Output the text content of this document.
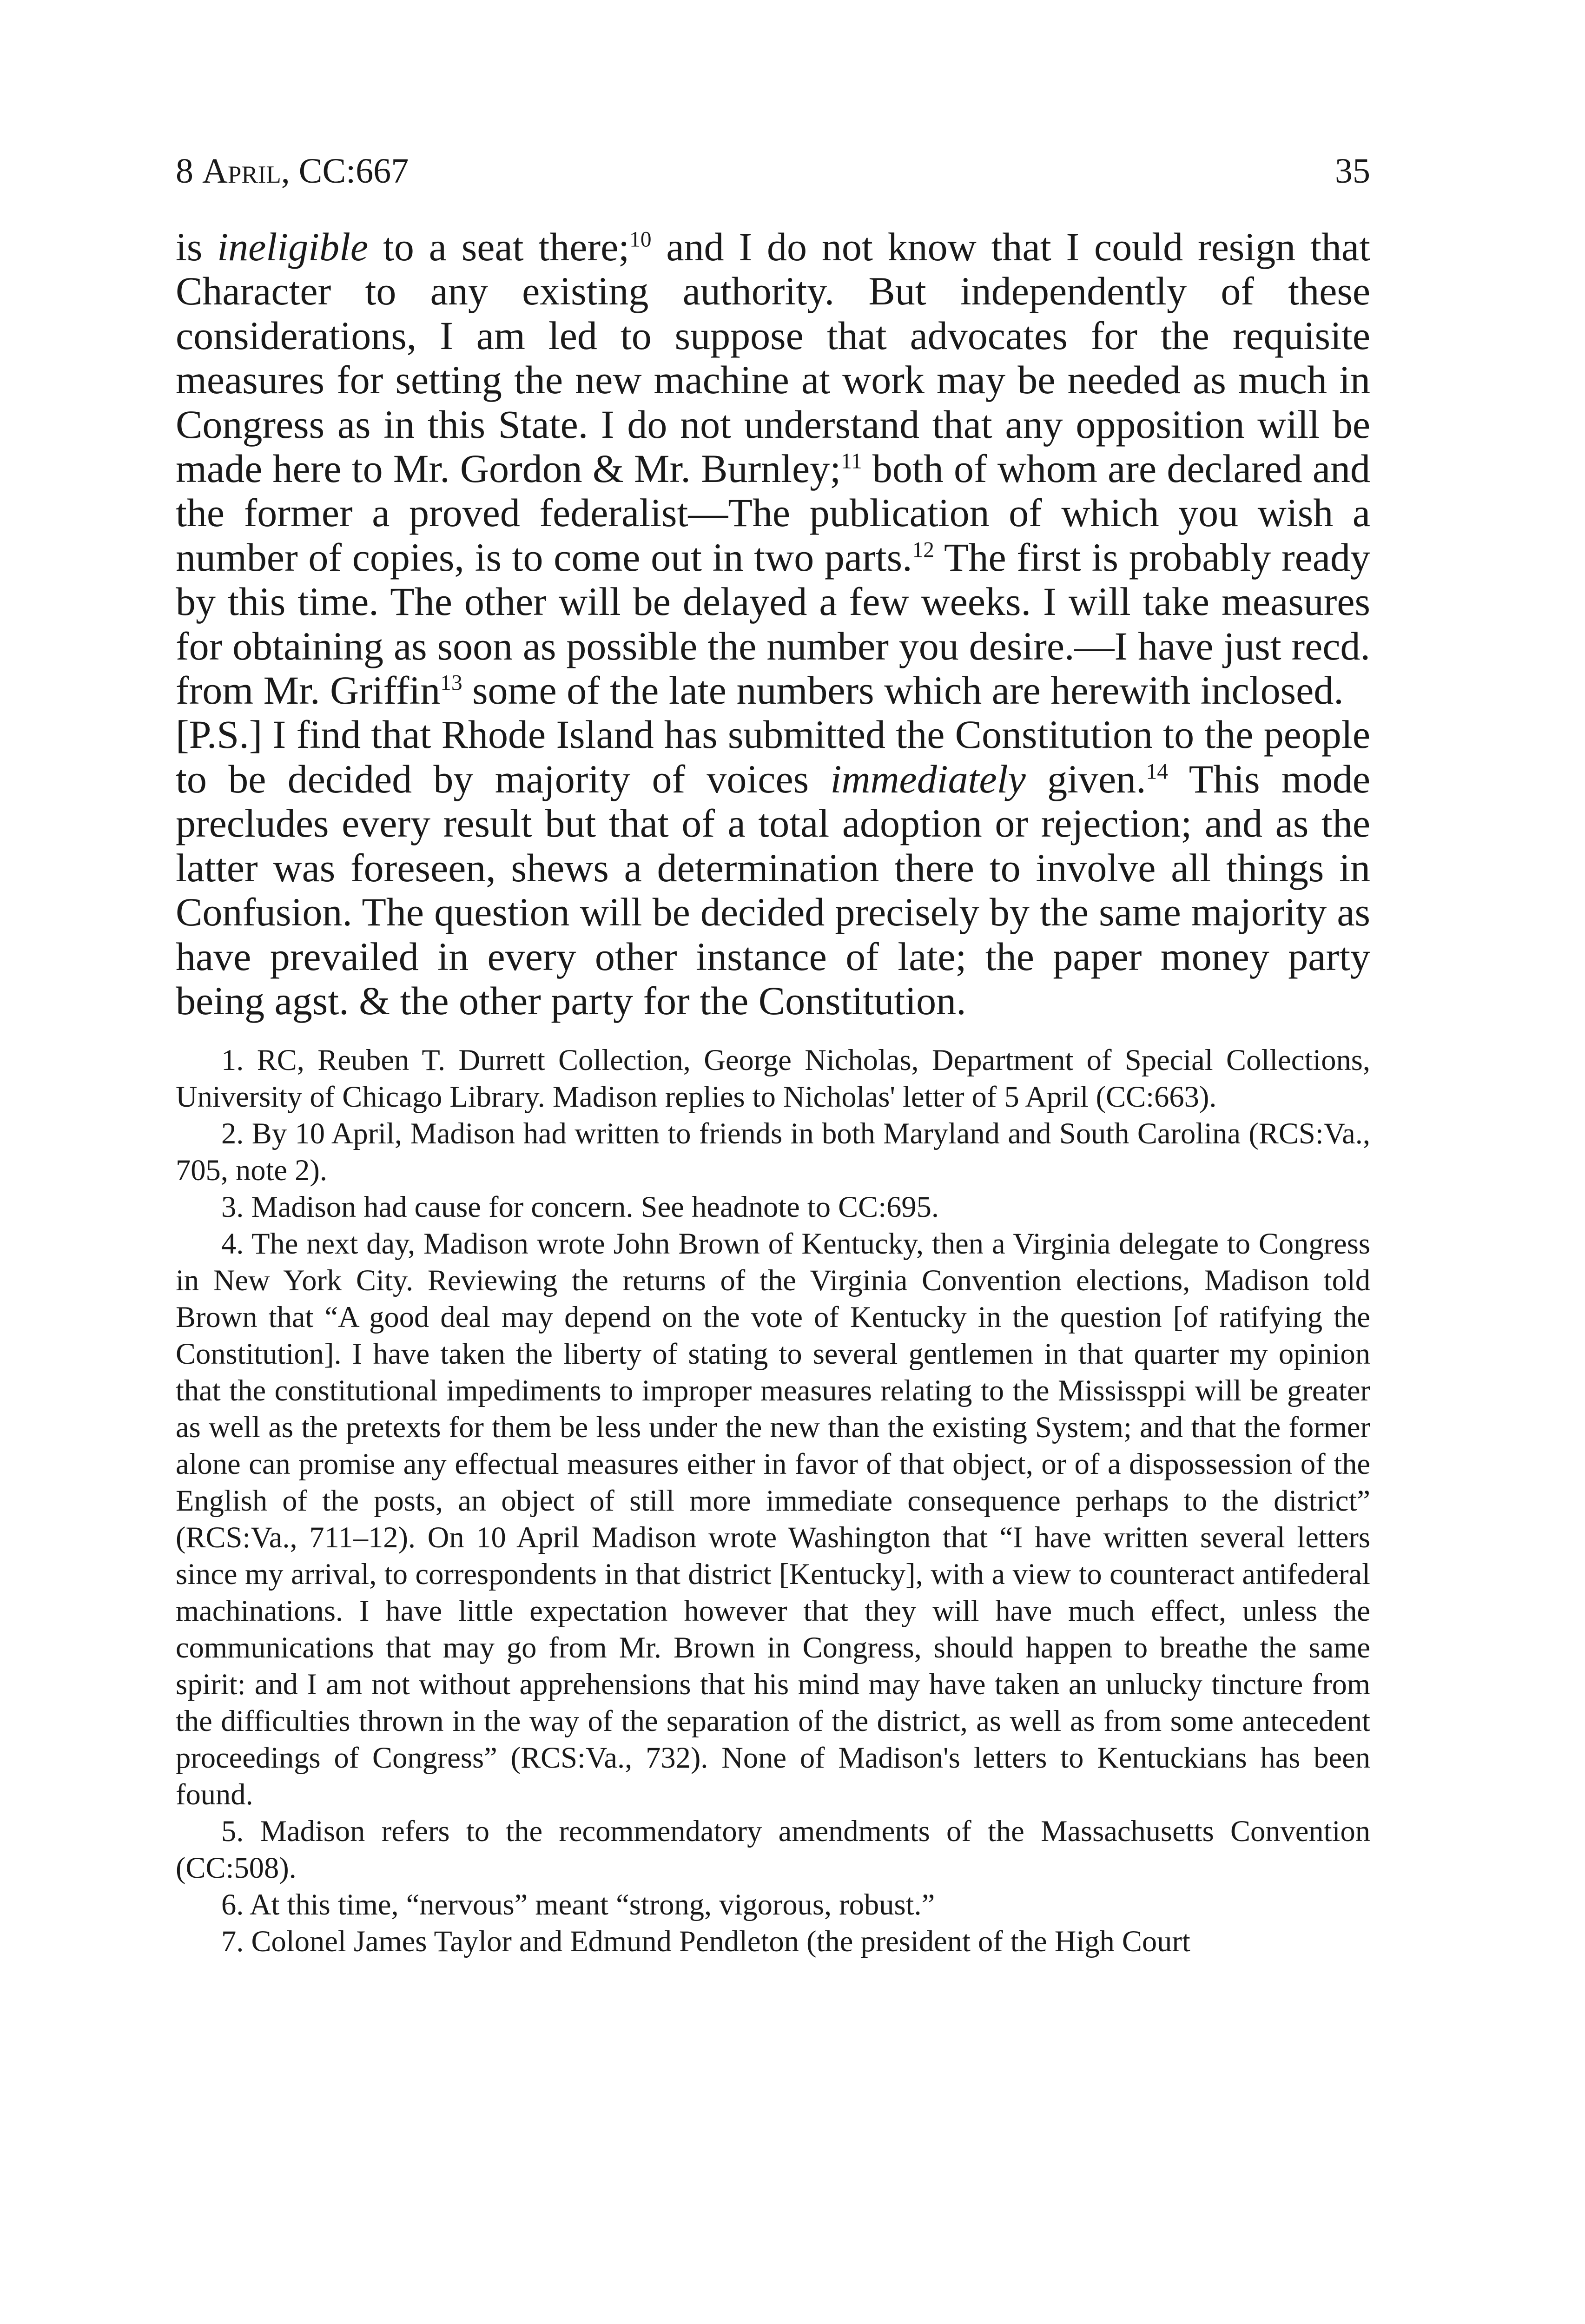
8 April, CC:667	35

is ineligible to a seat there;$^{10}$ and I do not know that I could resign that Character to any existing authority. But independently of these considerations, I am led to suppose that advocates for the requisite measures for setting the new machine at work may be needed as much in Congress as in this State. I do not understand that any opposition will be made here to Mr. Gordon & Mr. Burnley;$^{11}$ both of whom are declared and the former a proved federalist—The publication of which you wish a number of copies, is to come out in two parts.$^{12}$ The first is probably ready by this time. The other will be delayed a few weeks. I will take measures for obtaining as soon as possible the number you desire.—I have just recd. from Mr. Griffin$^{13}$ some of the late numbers which are herewith inclosed.

[P.S.] I find that Rhode Island has submitted the Constitution to the people to be decided by majority of voices immediately given.$^{14}$ This mode precludes every result but that of a total adoption or rejection; and as the latter was foreseen, shews a determination there to involve all things in Confusion. The question will be decided precisely by the same majority as have prevailed in every other instance of late; the paper money party being agst. & the other party for the Constitution.

1. RC, Reuben T. Durrett Collection, George Nicholas, Department of Special Collections, University of Chicago Library. Madison replies to Nicholas' letter of 5 April (CC:663).

2. By 10 April, Madison had written to friends in both Maryland and South Carolina (RCS:Va., 705, note 2).

3. Madison had cause for concern. See headnote to CC:695.

4. The next day, Madison wrote John Brown of Kentucky, then a Virginia delegate to Congress in New York City. Reviewing the returns of the Virginia Convention elections, Madison told Brown that “A good deal may depend on the vote of Kentucky in the question [of ratifying the Constitution]. I have taken the liberty of stating to several gentlemen in that quarter my opinion that the constitutional impediments to improper measures relating to the Mississppi will be greater as well as the pretexts for them be less under the new than the existing System; and that the former alone can promise any effectual measures either in favor of that object, or of a dispossession of the English of the posts, an object of still more immediate consequence perhaps to the district” (RCS:Va., 711–12). On 10 April Madison wrote Washington that “I have written several letters since my arrival, to correspondents in that district [Kentucky], with a view to counteract antifederal machinations. I have little expectation however that they will have much effect, unless the communications that may go from Mr. Brown in Congress, should happen to breathe the same spirit: and I am not without apprehensions that his mind may have taken an unlucky tincture from the difficulties thrown in the way of the separation of the district, as well as from some antecedent proceedings of Congress” (RCS:Va., 732). None of Madison's letters to Kentuckians has been found.

5. Madison refers to the recommendatory amendments of the Massachusetts Convention (CC:508).

6. At this time, “nervous” meant “strong, vigorous, robust.”

7. Colonel James Taylor and Edmund Pendleton (the president of the High Court
